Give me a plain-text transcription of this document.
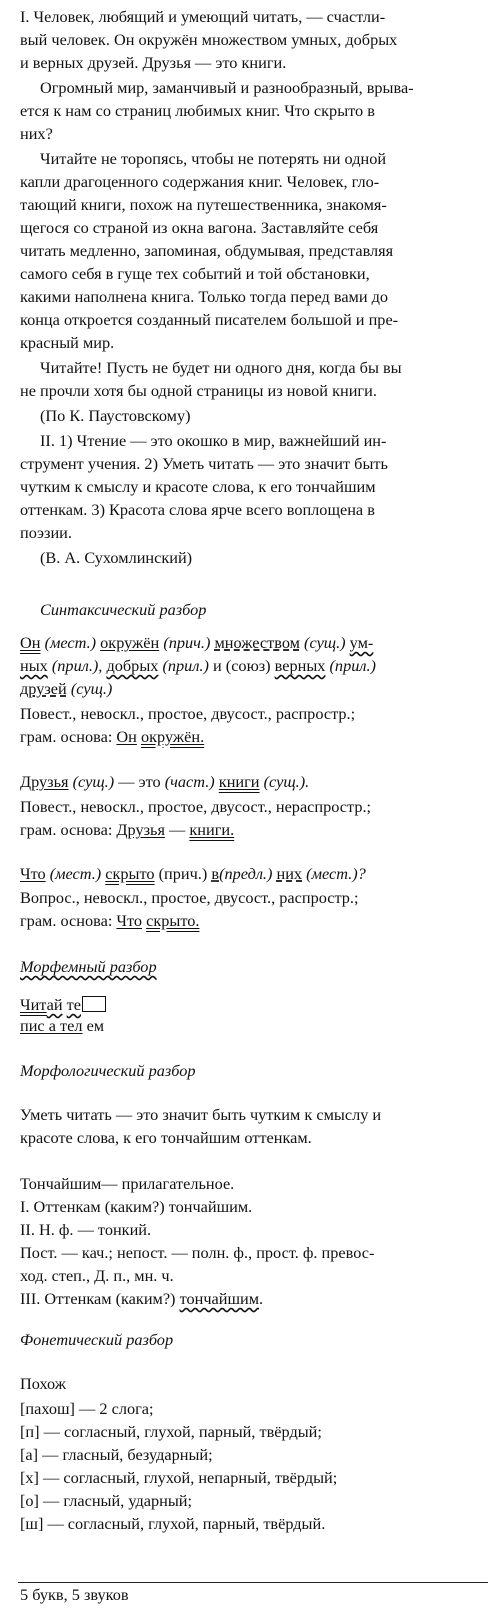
I. Человек, любящий и умеющий читать, — счастли-
вый человек. Он окружён множеством умных, добрых
и верных друзей. Друзья — это книги.
Огромный мир, заманчивый и разнообразный, врыва-
ется к нам со страниц любимых книг. Что скрыто в
них?
Читайте не торопясь, чтобы не потерять ни одной
капли драгоценного содержания книг. Человек, гло-
тающий книги, похож на путешественника, знакомя-
щегося со страной из окна вагона. Заставляйте себя
читать медленно, запоминая, обдумывая, представляя
самого себя в гуще тех событий и той обстановки,
какими наполнена книга. Только тогда перед вами до
конца откроется созданный писателем большой и пре-
красный мир.
Читайте! Пусть не будет ни одного дня, когда бы вы
не прочли хотя бы одной страницы из новой книги.
(По К. Паустовскому)
II. 1) Чтение — это окошко в мир, важнейший ин-
струмент учения. 2) Уметь читать — это значит быть
чутким к смыслу и красоте слова, к его тончайшим
оттенкам. 3) Красота слова ярче всего воплощена в
поэзии.
(В. А. Сухомлинский)
Синтаксический разбор
Он (мест.) окружён (прич.) множеством (сущ.) ум-
ных (прил.), добрых (прил.) и (союз) верных (прил.)
друзей (сущ.)
Повест., невоскл., простое, двусост., распростр.;
грам. основа: Он окружён.
Друзья (сущ.) — это (част.) книги (сущ.).
Повест., невоскл., простое, двусост., нераспростр.;
грам. основа: Друзья — книги.
Что (мест.) скрыто (прич.) в(предл.) них (мест.)?
Вопрос., невоскл., простое, двусост., распростр.;
грам. основа: Что скрыто.
Морфемный разбор
Читай те
пис а тел ем
Морфологический разбор
Уметь читать — это значит быть чутким к смыслу и
красоте слова, к его тончайшим оттенкам.
Тончайшим— прилагательное.
I. Оттенкам (каким?) тончайшим.
II. Н. ф. — тонкий.
Пост. — кач.; непост. — полн. ф., прост. ф. превос-
ход. степ., Д. п., мн. ч.
III. Оттенкам (каким?) тончайшим.
Фонетический разбор
Похож
[пахош] — 2 слога;
[п] — согласный, глухой, парный, твёрдый;
[а] — гласный, безударный;
[х] — согласный, глухой, непарный, твёрдый;
[о] — гласный, ударный;
[ш] — согласный, глухой, парный, твёрдый.
5 букв, 5 звуков
